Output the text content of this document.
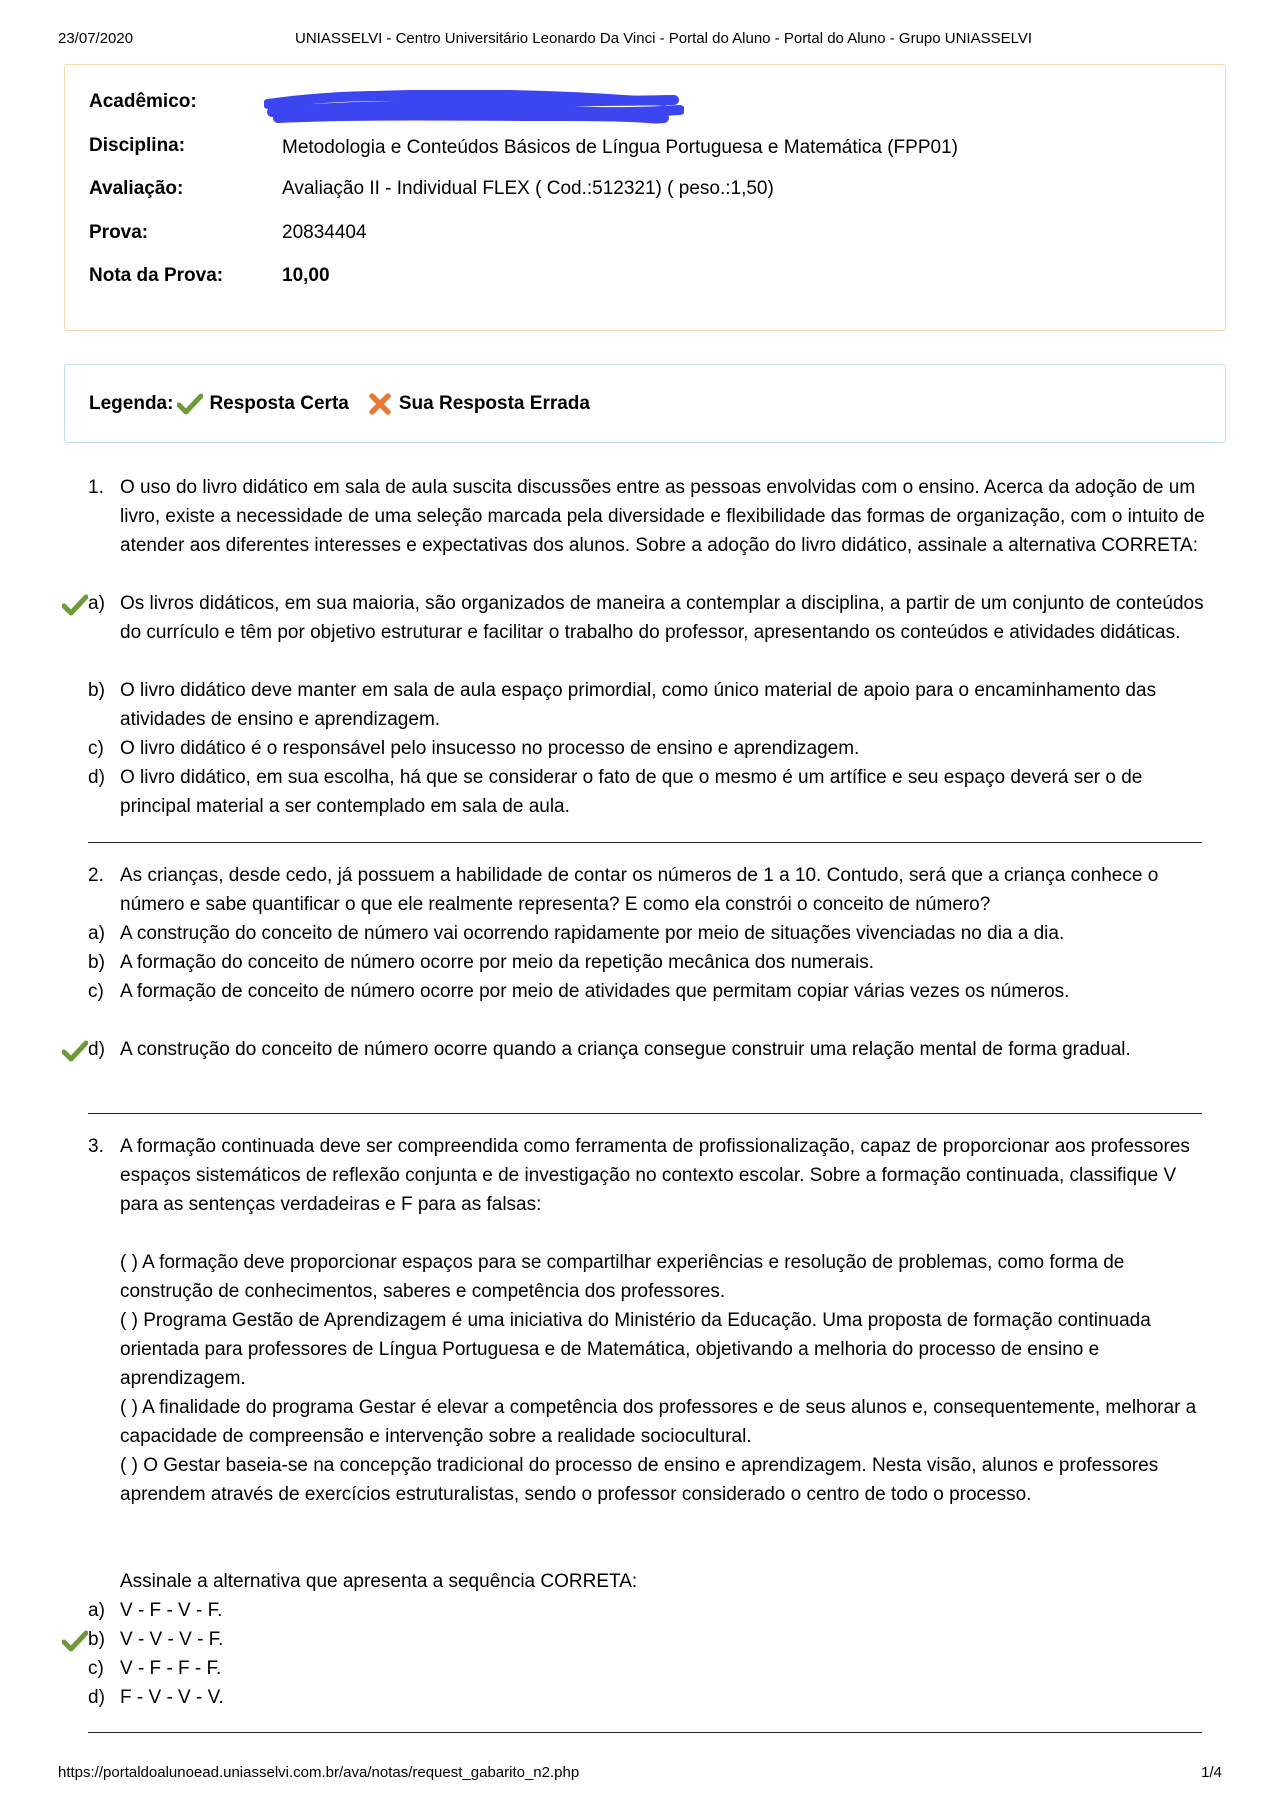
23/07/2020	UNIASSELVI - Centro Universitário Leonardo Da Vinci - Portal do Aluno - Portal do Aluno - Grupo UNIASSELVI
Acadêmico:
Disciplina:	Metodologia e Conteúdos Básicos de Língua Portuguesa e Matemática (FPP01)
Avaliação:	Avaliação II - Individual FLEX ( Cod.:512321) ( peso.:1,50)
Prova:	20834404
Nota da Prova:	10,00
Legenda: Resposta Certa	Sua Resposta Errada
1. O uso do livro didático em sala de aula suscita discussões entre as pessoas envolvidas com o ensino. Acerca da adoção de um livro, existe a necessidade de uma seleção marcada pela diversidade e flexibilidade das formas de organização, com o intuito de atender aos diferentes interesses e expectativas dos alunos. Sobre a adoção do livro didático, assinale a alternativa CORRETA:
a) Os livros didáticos, em sua maioria, são organizados de maneira a contemplar a disciplina, a partir de um conjunto de conteúdos do currículo e têm por objetivo estruturar e facilitar o trabalho do professor, apresentando os conteúdos e atividades didáticas.
b) O livro didático deve manter em sala de aula espaço primordial, como único material de apoio para o encaminhamento das atividades de ensino e aprendizagem.
c) O livro didático é o responsável pelo insucesso no processo de ensino e aprendizagem.
d) O livro didático, em sua escolha, há que se considerar o fato de que o mesmo é um artífice e seu espaço deverá ser o de principal material a ser contemplado em sala de aula.
2. As crianças, desde cedo, já possuem a habilidade de contar os números de 1 a 10. Contudo, será que a criança conhece o número e sabe quantificar o que ele realmente representa? E como ela constrói o conceito de número?
a) A construção do conceito de número vai ocorrendo rapidamente por meio de situações vivenciadas no dia a dia.
b) A formação do conceito de número ocorre por meio da repetição mecânica dos numerais.
c) A formação de conceito de número ocorre por meio de atividades que permitam copiar várias vezes os números.
d) A construção do conceito de número ocorre quando a criança consegue construir uma relação mental de forma gradual.
3. A formação continuada deve ser compreendida como ferramenta de profissionalização, capaz de proporcionar aos professores espaços sistemáticos de reflexão conjunta e de investigação no contexto escolar. Sobre a formação continuada, classifique V para as sentenças verdadeiras e F para as falsas:
( ) A formação deve proporcionar espaços para se compartilhar experiências e resolução de problemas, como forma de construção de conhecimentos, saberes e competência dos professores.
( ) Programa Gestão de Aprendizagem é uma iniciativa do Ministério da Educação. Uma proposta de formação continuada orientada para professores de Língua Portuguesa e de Matemática, objetivando a melhoria do processo de ensino e aprendizagem.
( ) A finalidade do programa Gestar é elevar a competência dos professores e de seus alunos e, consequentemente, melhorar a capacidade de compreensão e intervenção sobre a realidade sociocultural.
( ) O Gestar baseia-se na concepção tradicional do processo de ensino e aprendizagem. Nesta visão, alunos e professores aprendem através de exercícios estruturalistas, sendo o professor considerado o centro de todo o processo.
Assinale a alternativa que apresenta a sequência CORRETA:
a) V - F - V - F.
b) V - V - V - F.
c) V - F - F - F.
d) F - V - V - V.
https://portaldoalunoead.uniasselvi.com.br/ava/notas/request_gabarito_n2.php	1/4
